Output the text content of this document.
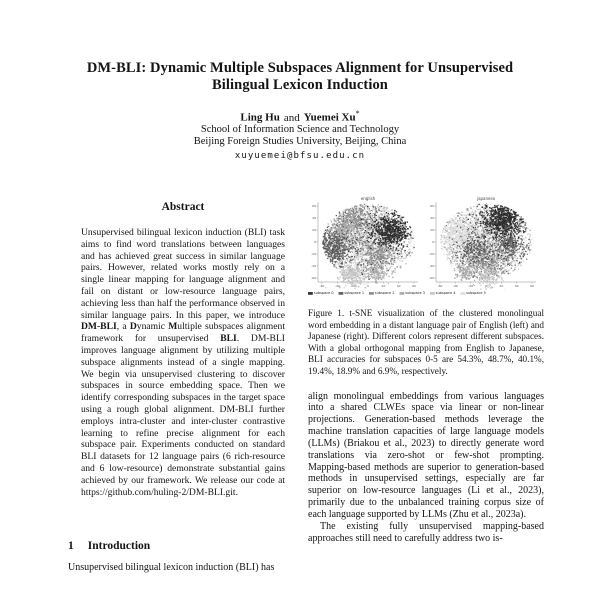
DM-BLI: Dynamic Multiple Subspaces Alignment for Unsupervised
Bilingual Lexicon Induction
Ling Hu and Yuemei Xu*
School of Information Science and Technology
Beijing Foreign Studies University, Beijing, China
xuyuemei@bfsu.edu.cn
Abstract

Unsupervised bilingual lexicon induction (BLI) task aims to find word translations between languages and has achieved great success in similar language pairs. However, related works mostly rely on a single linear mapping for language alignment and fail on distant or low-resource language pairs, achieving less than half the performance observed in similar language pairs. In this paper, we introduce DM-BLI, a Dynamic Multiple subspaces alignment framework for unsupervised BLI. DM-BLI improves language alignment by utilizing multiple subspace alignments instead of a single mapping. We begin via unsupervised clustering to discover subspaces in source embedding space. Then we identify corresponding subspaces in the target space using a rough global alignment. DM-BLI further employs intra-cluster and inter-cluster contrastive learning to refine precise alignment for each subspace pair. Experiments conducted on standard BLI datasets for 12 language pairs (6 rich-resource and 6 low-resource) demonstrate substantial gains achieved by our framework. We release our code at https://github.com/huling-2/DM-BLI.git.

1 Introduction

Unsupervised bilingual lexicon induction (BLI) has

subspace 0 subspace 1 subspace 2 subspace 3 subspace 4 subspace 5

Figure 1. t-SNE visualization of the clustered monolingual word embedding in a distant language pair of English (left) and Japanese (right). Different colors represent different subspaces. With a global orthogonal mapping from English to Japanese, BLI accuracies for subspaces 0-5 are 54.3%, 48.7%, 40.1%, 19.4%, 18.9% and 6.9%, respectively.

align monolingual embeddings from various languages into a shared CLWEs space via linear or non-linear projections. Generation-based methods leverage the machine translation capacities of large language models (LLMs) (Briakou et al., 2023) to directly generate word translations via zero-shot or few-shot prompting. Mapping-based methods are superior to generation-based methods in unsupervised settings, especially are far superior on low-resource languages (Li et al., 2023), primarily due to the unbalanced training corpus size of each language supported by LLMs (Zhu et al., 2023a).

The existing fully unsupervised mapping-based approaches still need to carefully address two is-
